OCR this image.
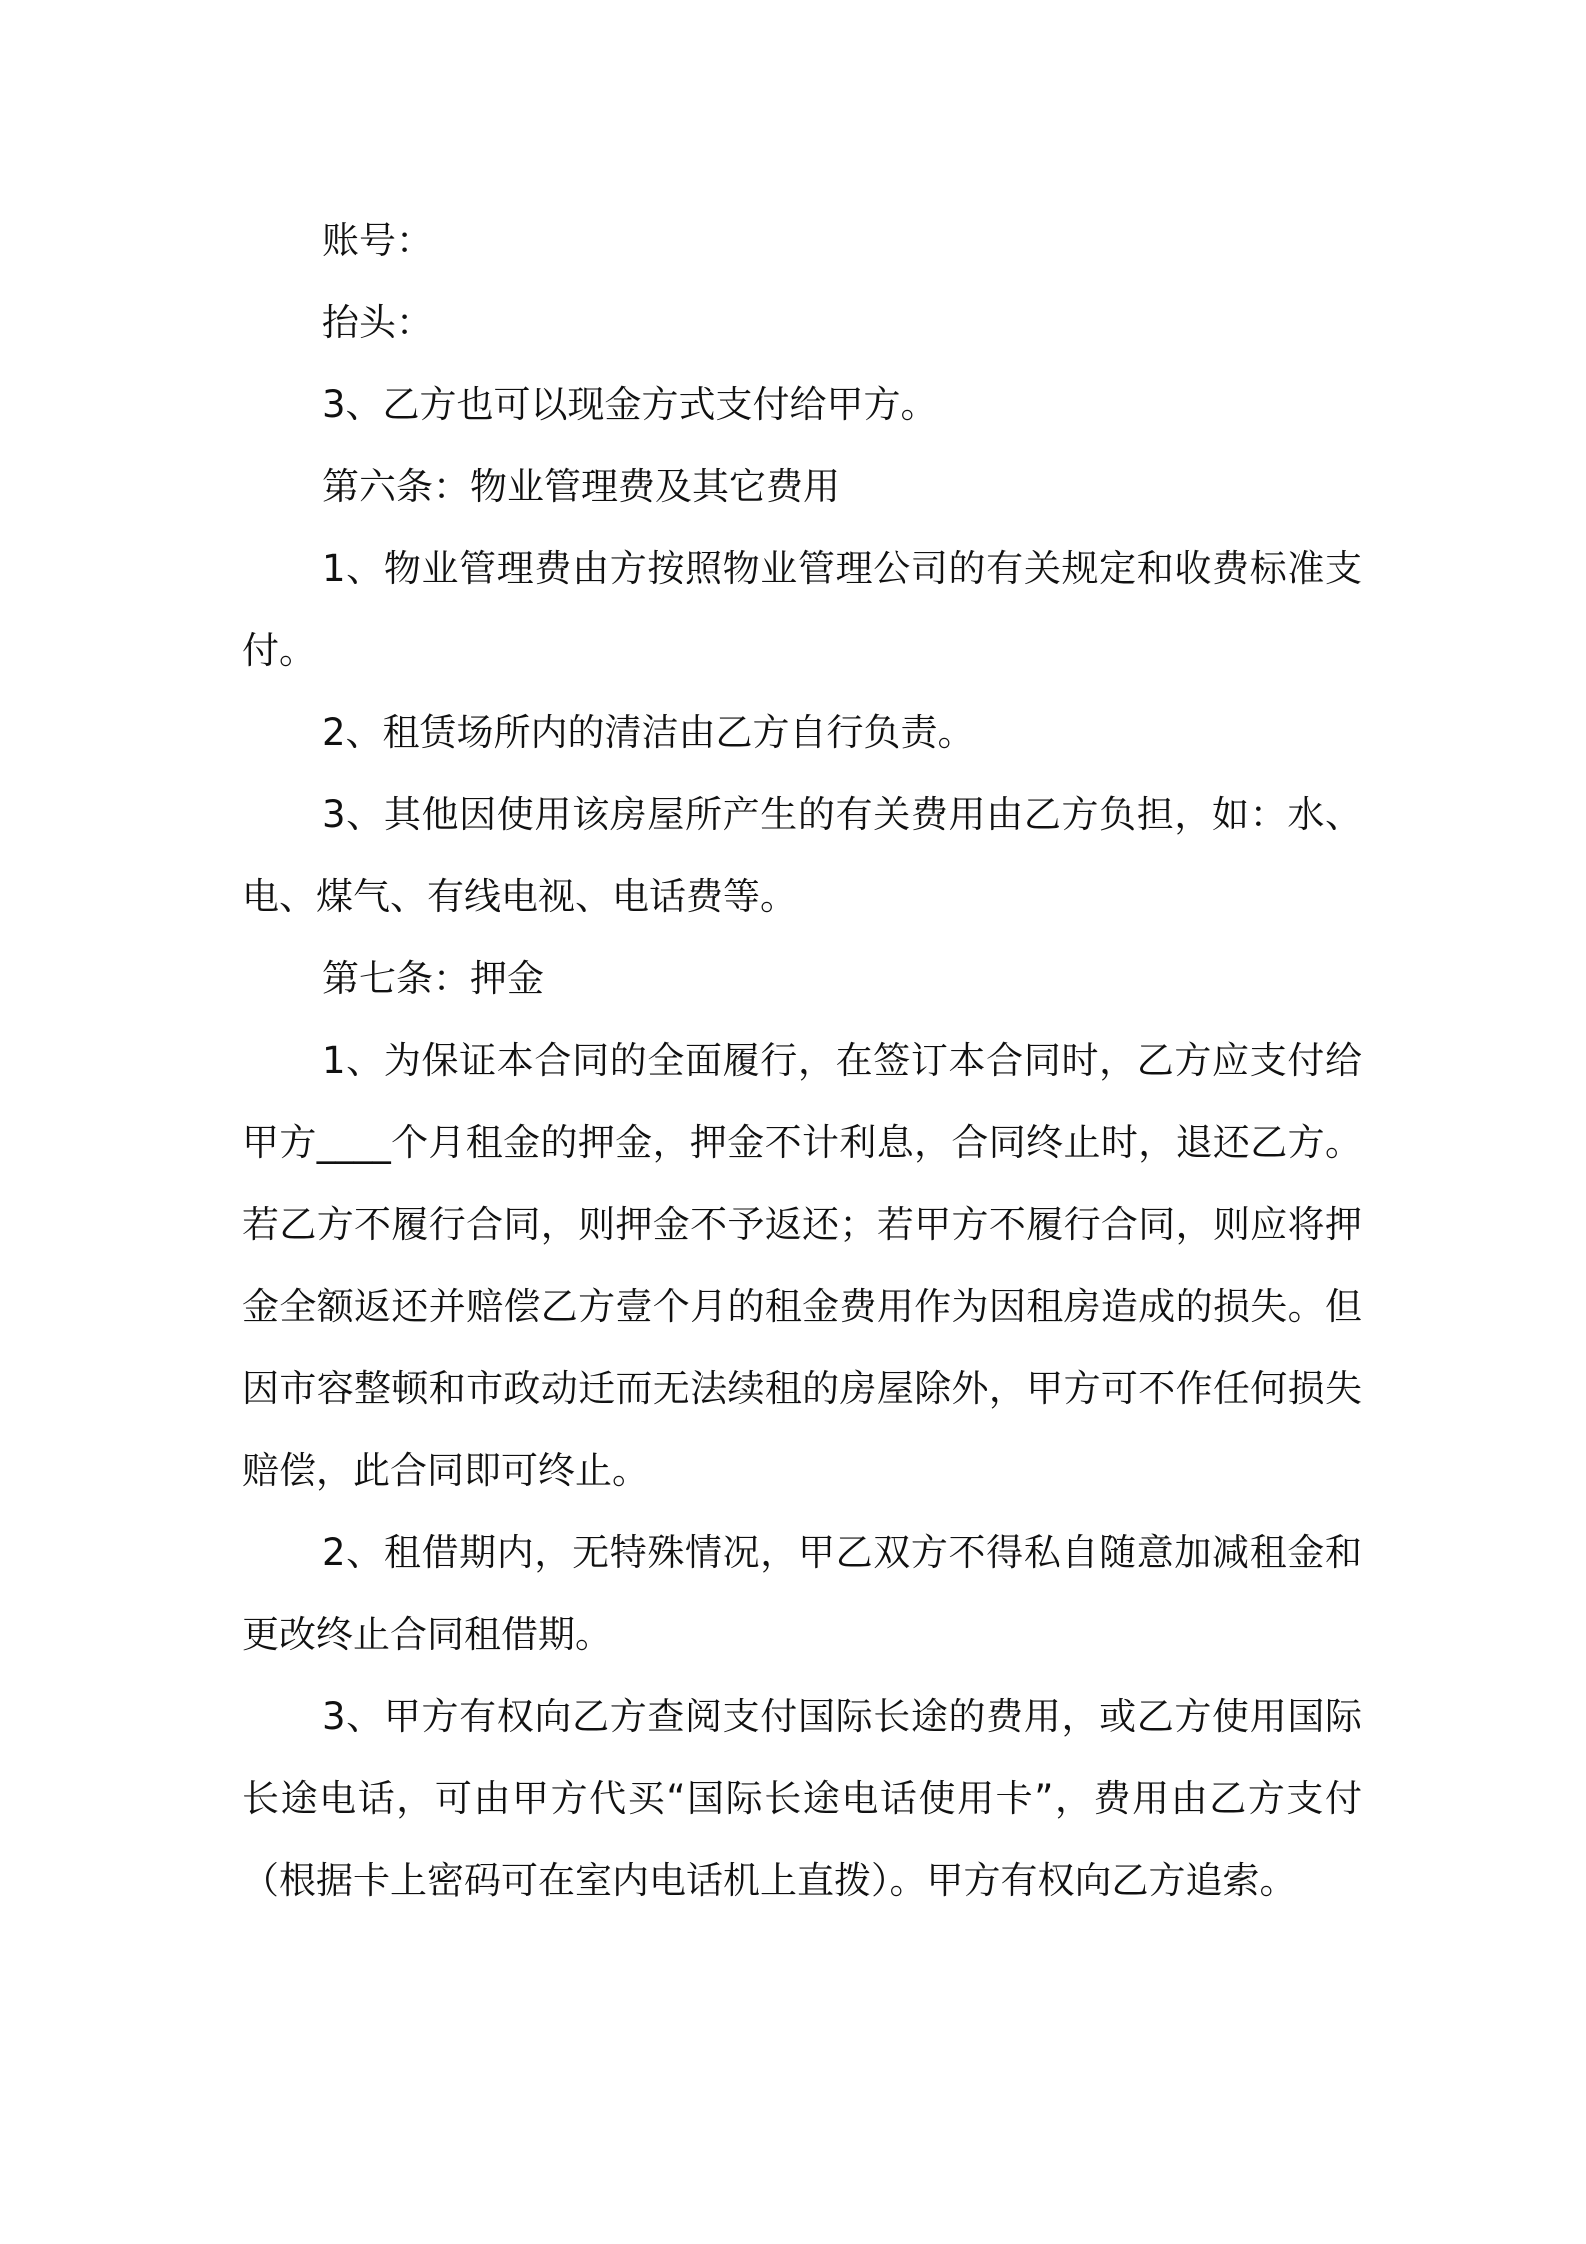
账号：

抬头：

3、乙方也可以现金方式支付给甲方。

第六条：物业管理费及其它费用

1、物业管理费由方按照物业管理公司的有关规定和收费标准支付。

2、租赁场所内的清洁由乙方自行负责。

3、其他因使用该房屋所产生的有关费用由乙方负担，如：水、电、煤气、有线电视、电话费等。

第七条：押金

1、为保证本合同的全面履行，在签订本合同时，乙方应支付给甲方____个月租金的押金，押金不计利息，合同终止时，退还乙方。若乙方不履行合同，则押金不予返还；若甲方不履行合同，则应将押金全额返还并赔偿乙方壹个月的租金费用作为因租房造成的损失。但因市容整顿和市政动迁而无法续租的房屋除外，甲方可不作任何损失赔偿，此合同即可终止。

2、租借期内，无特殊情况，甲乙双方不得私自随意加减租金和更改终止合同租借期。

3、甲方有权向乙方查阅支付国际长途的费用，或乙方使用国际长途电话，可由甲方代买“国际长途电话使用卡”，费用由乙方支付（根据卡上密码可在室内电话机上直拨）。甲方有权向乙方追索。
